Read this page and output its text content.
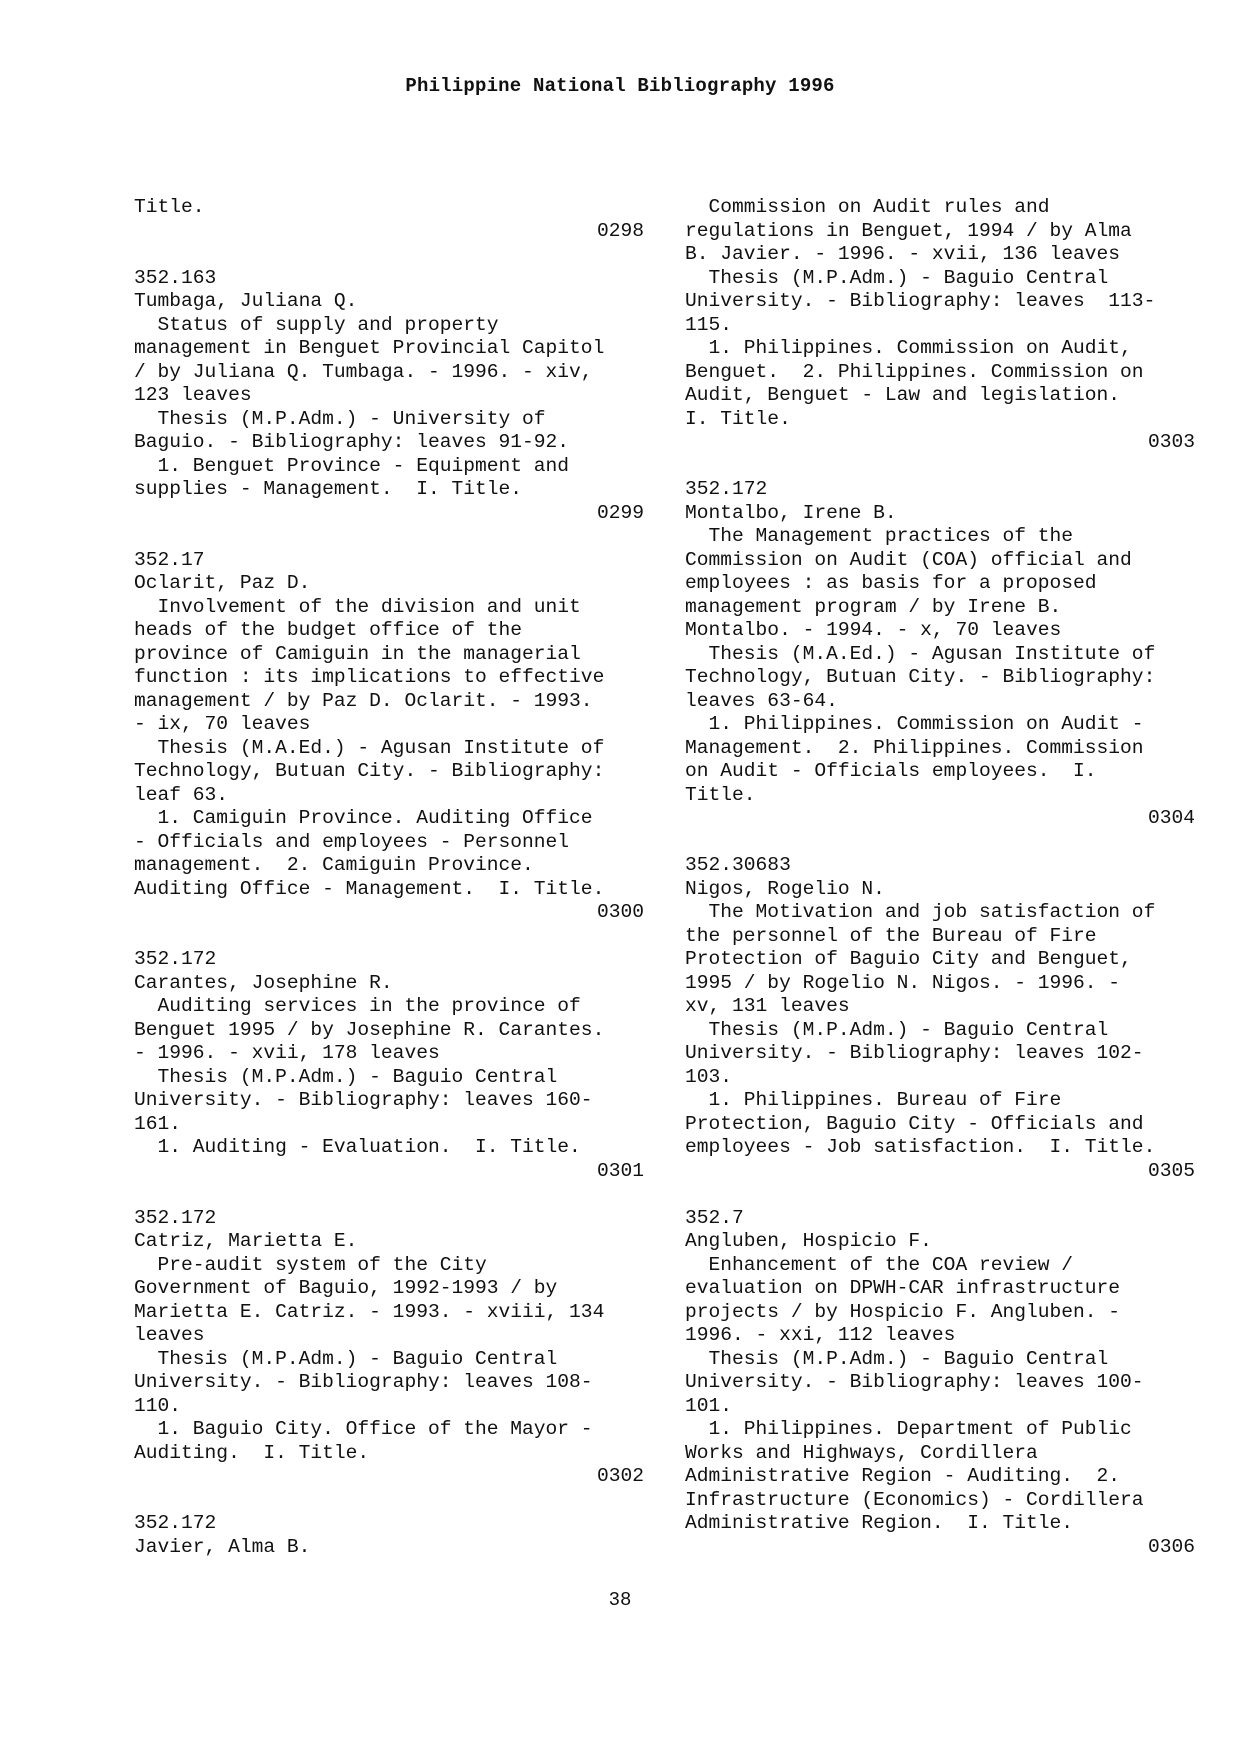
Philippine National Bibliography 1996
Title.
0298
352.163
Tumbaga, Juliana Q.
Status of supply and property
management in Benguet Provincial Capitol
/ by Juliana Q. Tumbaga. - 1996. - xiv,
123 leaves
Thesis (M.P.Adm.) - University of
Baguio. - Bibliography: leaves 91-92.
1. Benguet Province - Equipment and
supplies - Management.  I. Title.
0299
352.17
Oclarit, Paz D.
Involvement of the division and unit
heads of the budget office of the
province of Camiguin in the managerial
function : its implications to effective
management / by Paz D. Oclarit. - 1993.
- ix, 70 leaves
Thesis (M.A.Ed.) - Agusan Institute of
Technology, Butuan City. - Bibliography:
leaf 63.
1. Camiguin Province. Auditing Office
- Officials and employees - Personnel
management.  2. Camiguin Province.
Auditing Office - Management.  I. Title.
0300
352.172
Carantes, Josephine R.
Auditing services in the province of
Benguet 1995 / by Josephine R. Carantes.
- 1996. - xvii, 178 leaves
Thesis (M.P.Adm.) - Baguio Central
University. - Bibliography: leaves 160-
161.
1. Auditing - Evaluation.  I. Title.
0301
352.172
Catriz, Marietta E.
Pre-audit system of the City
Government of Baguio, 1992-1993 / by
Marietta E. Catriz. - 1993. - xviii, 134
leaves
Thesis (M.P.Adm.) - Baguio Central
University. - Bibliography: leaves 108-
110.
1. Baguio City. Office of the Mayor -
Auditing.  I. Title.
0302
352.172
Javier, Alma B.
Commission on Audit rules and
regulations in Benguet, 1994 / by Alma
B. Javier. - 1996. - xvii, 136 leaves
Thesis (M.P.Adm.) - Baguio Central
University. - Bibliography: leaves  113-
115.
1. Philippines. Commission on Audit,
Benguet.  2. Philippines. Commission on
Audit, Benguet - Law and legislation.
I. Title.
0303
352.172
Montalbo, Irene B.
The Management practices of the
Commission on Audit (COA) official and
employees : as basis for a proposed
management program / by Irene B.
Montalbo. - 1994. - x, 70 leaves
Thesis (M.A.Ed.) - Agusan Institute of
Technology, Butuan City. - Bibliography:
leaves 63-64.
1. Philippines. Commission on Audit -
Management.  2. Philippines. Commission
on Audit - Officials employees.  I.
Title.
0304
352.30683
Nigos, Rogelio N.
The Motivation and job satisfaction of
the personnel of the Bureau of Fire
Protection of Baguio City and Benguet,
1995 / by Rogelio N. Nigos. - 1996. -
xv, 131 leaves
Thesis (M.P.Adm.) - Baguio Central
University. - Bibliography: leaves 102-
103.
1. Philippines. Bureau of Fire
Protection, Baguio City - Officials and
employees - Job satisfaction.  I. Title.
0305
352.7
Angluben, Hospicio F.
Enhancement of the COA review /
evaluation on DPWH-CAR infrastructure
projects / by Hospicio F. Angluben. -
1996. - xxi, 112 leaves
Thesis (M.P.Adm.) - Baguio Central
University. - Bibliography: leaves 100-
101.
1. Philippines. Department of Public
Works and Highways, Cordillera
Administrative Region - Auditing.  2.
Infrastructure (Economics) - Cordillera
Administrative Region.  I. Title.
0306
38
